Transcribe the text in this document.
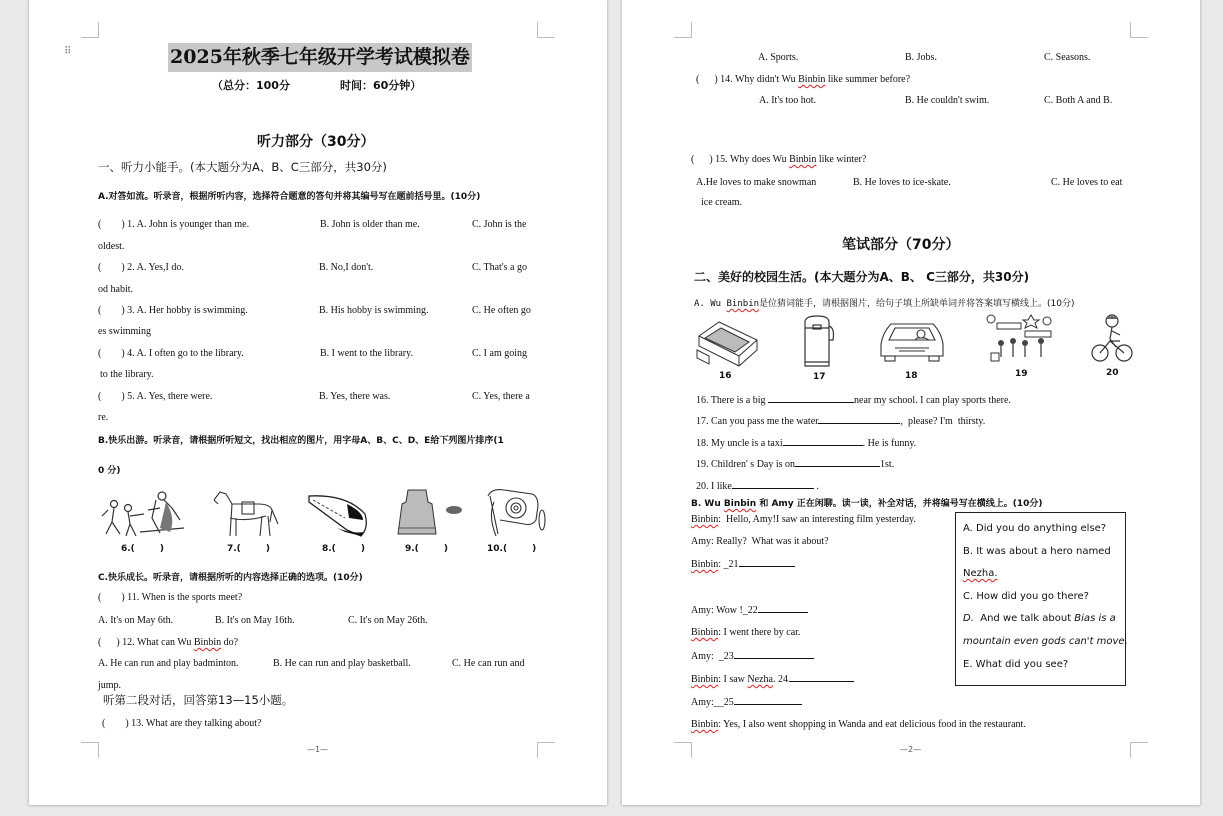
⠿	2025年秋季七年级开学考试模拟卷
（总分：100分	时间：60分钟）
听力部分（30分）
一、听力小能手。(本大题分为A、B、C三部分，共30分)
A.对答如流。听录音，根据所听内容，选择符合题意的答句并将其编号写在题前括号里。(10分)
(        ) 1. A. John is younger than me.	B. John is older than me.	C. John is the
oldest.
(        ) 2. A. Yes,I do.	B. No,I don't.	C. That's a go
od habit.
(        ) 3. A. Her hobby is swimming.	B. His hobby is swimming.	C. He often go
es swimming
(        ) 4. A. I often go to the library.	B. I went to the library.	C. I am going
to the library.
(        ) 5. A. Yes, there were.	B. Yes, there was.	C. Yes, there a
re.
B.快乐出游。听录音，请根据所听短文，找出相应的图片，用字母A、B、C、D、E给下列图片排序(1
0 分)
6.(        )	7.(        )	8.(        )	9.(        )	10.(        )
C.快乐成长。听录音，请根据所听的内容选择正确的选项。(10分)
(        ) 11. When is the sports meet?
A. It's on May 6th.	B. It's on May 16th.	C. It's on May 26th.
(      ) 12. What can Wu Binbin do?
A. He can run and play badminton.	B. He can run and play basketball.	C. He can run and
jump.
听第二段对话，回答第13—15小题。
(        ) 13. What are they talking about?
—1—
A. Sports.	B. Jobs.	C. Seasons.
(      ) 14. Why didn't Wu Binbin like summer before?
A. It's too hot.	B. He couldn't swim.	C. Both A and B.
(      ) 15. Why does Wu Binbin like winter?
A.He loves to make snowman	B. He loves to ice-skate.	C. He loves to eat
ice cream.
笔试部分（70分）
二、美好的校园生活。(本大题分为A、B、 C三部分，共30分)
A. Wu Binbin是位猜词能手，请根据图片，给句子填上所缺单词并将答案填写横线上。(10分)
16	17	18	19	20
16. There is a big	near my school. I can play sports there.
17. Can you pass me the water	,  please? I'm  thirsty.
18. My uncle is a taxi	. He is funny.
19. Children' s Day is on	1st.
20. I like	.
B. Wu Binbin 和 Amy 正在闲聊。读一读，补全对话，并将编号写在横线上。(10分)
Binbin:  Hello, Amy!I saw an interesting film yesterday.
Amy: Really?  What was it about?
Binbin: _21
Amy: Wow !_22
Binbin: I went there by car.
Amy:  _23
Binbin: I saw Nezha. 24.
Amy:__25
Binbin: Yes, I also went shopping in Wanda and eat delicious food in the restaurant.
A. Did you do anything else?
B. It was about a hero named
Nezha.
C. How did you go there?
D.  And we talk about Bias is a
mountain even gods can't move.
E. What did you see?
—2—
